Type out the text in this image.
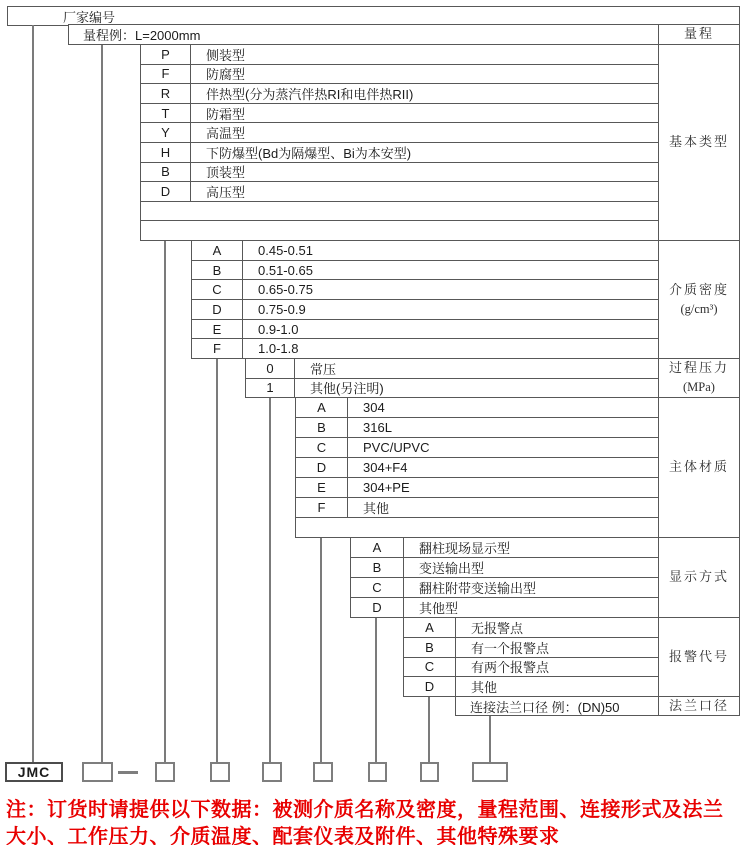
厂家编号
量程例：L=2000mm	量程
P	侧装型
F	防腐型
R	伴热型(分为蒸汽伴热RI和电伴热RII)
T	防霜型
Y	高温型
H	下防爆型(Bd为隔爆型、Bi为本安型)
B	顶装型
D	高压型
基本类型
A	0.45-0.51
B	0.51-0.65
C	0.65-0.75
D	0.75-0.9
E	0.9-1.0
F	1.0-1.8
介质密度
(g/cm³)
0	常压
1	其他(另注明)
过程压力
(MPa)
A	304
B	316L
C	PVC/UPVC
D	304+F4
E	304+PE
F	其他
主体材质
A	翻柱现场显示型
B	变送输出型
C	翻柱附带变送输出型
D	其他型
显示方式
A	无报警点
B	有一个报警点
C	有两个报警点
D	其他
报警代号
连接法兰口径 例：(DN)50	法兰口径
JMC
注：订货时请提供以下数据：被测介质名称及密度，量程范围、连接形式及法兰
大小、工作压力、介质温度、配套仪表及附件、其他特殊要求
